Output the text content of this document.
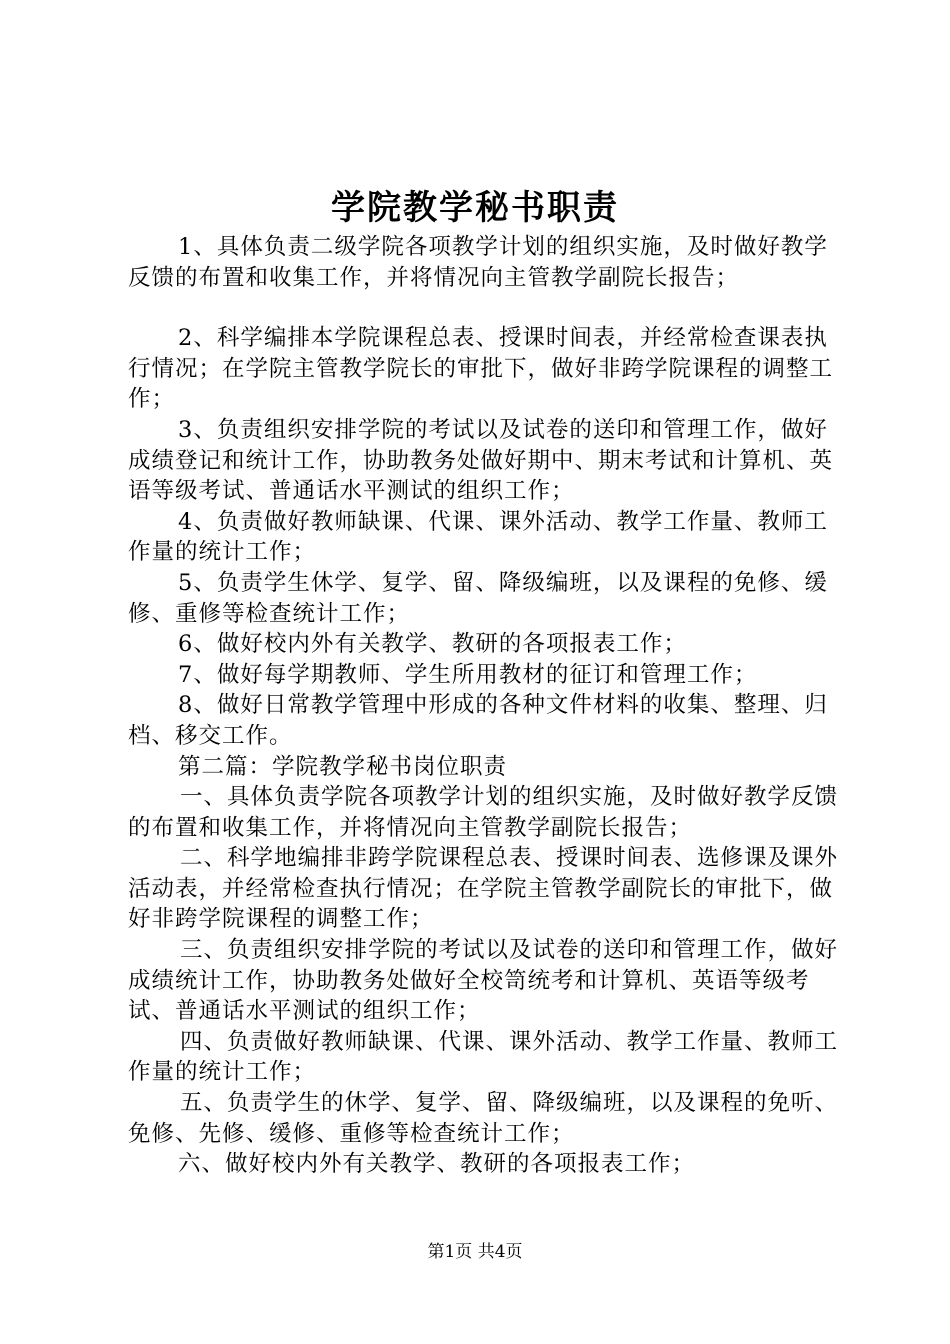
学院教学秘书职责

1、具体负责二级学院各项教学计划的组织实施，及时做好教学反馈的布置和收集工作，并将情况向主管教学副院长报告；

2、科学编排本学院课程总表、授课时间表，并经常检查课表执行情况；在学院主管教学院长的审批下，做好非跨学院课程的调整工作；

3、负责组织安排学院的考试以及试卷的送印和管理工作，做好成绩登记和统计工作，协助教务处做好期中、期末考试和计算机、英语等级考试、普通话水平测试的组织工作；

4、负责做好教师缺课、代课、课外活动、教学工作量、教师工作量的统计工作；

5、负责学生休学、复学、留、降级编班，以及课程的免修、缓修、重修等检查统计工作；

6、做好校内外有关教学、教研的各项报表工作；

7、做好每学期教师、学生所用教材的征订和管理工作；

8、做好日常教学管理中形成的各种文件材料的收集、整理、归档、移交工作。

第二篇：学院教学秘书岗位职责

一、具体负责学院各项教学计划的组织实施，及时做好教学反馈的布置和收集工作，并将情况向主管教学副院长报告；

二、科学地编排非跨学院课程总表、授课时间表、选修课及课外活动表，并经常检查执行情况；在学院主管教学副院长的审批下，做好非跨学院课程的调整工作；

三、负责组织安排学院的考试以及试卷的送印和管理工作，做好成绩统计工作，协助教务处做好全校笥统考和计算机、英语等级考试、普通话水平测试的组织工作；

四、负责做好教师缺课、代课、课外活动、教学工作量、教师工作量的统计工作；

五、负责学生的休学、复学、留、降级编班，以及课程的免听、免修、先修、缓修、重修等检查统计工作；

六、做好校内外有关教学、教研的各项报表工作；

第1页 共4页
